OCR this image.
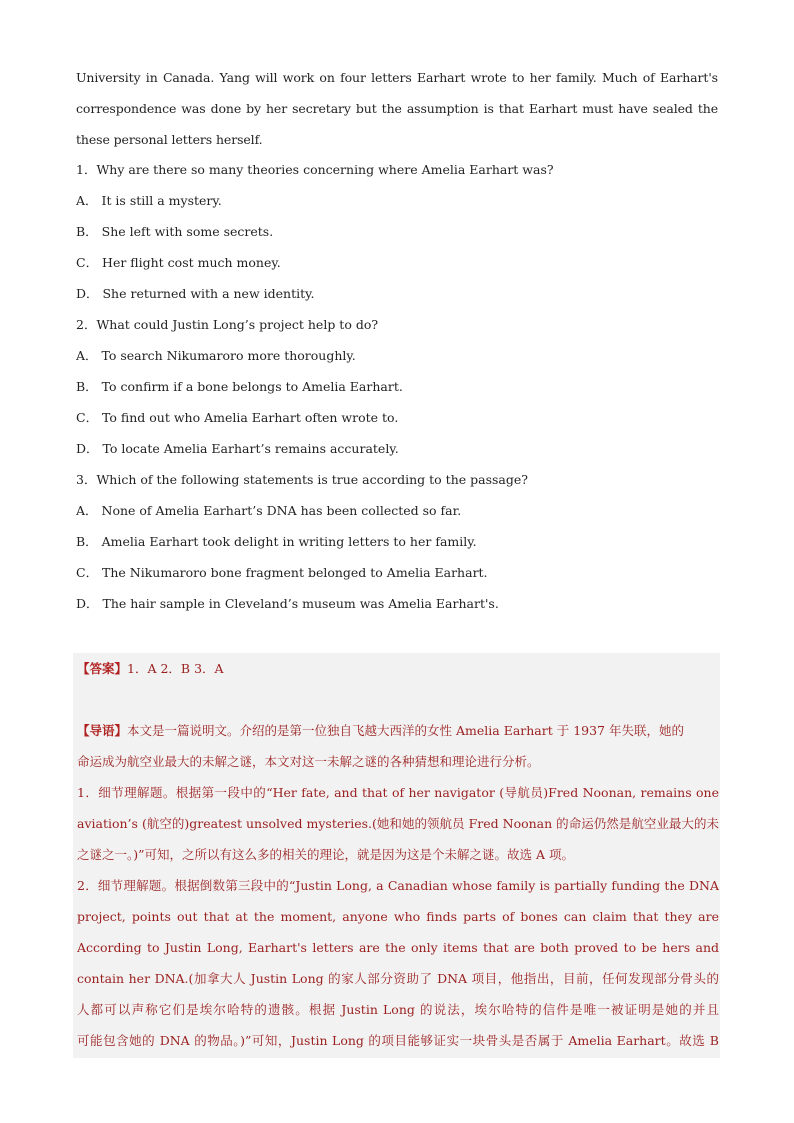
University in Canada. Yang will work on four letters Earhart wrote to her family. Much of Earhart's
correspondence was done by her secretary but the assumption is that Earhart must have sealed the
these personal letters herself.
1．Why are there so many theories concerning where Amelia Earhart was?
A． It is still a mystery.
B． She left with some secrets.
C． Her flight cost much money.
D． She returned with a new identity.
2．What could Justin Long’s project help to do?
A． To search Nikumaroro more thoroughly.
B． To confirm if a bone belongs to Amelia Earhart.
C． To find out who Amelia Earhart often wrote to.
D． To locate Amelia Earhart’s remains accurately.
3．Which of the following statements is true according to the passage?
A． None of Amelia Earhart’s DNA has been collected so far.
B． Amelia Earhart took delight in writing letters to her family.
C． The Nikumaroro bone fragment belonged to Amelia Earhart.
D． The hair sample in Cleveland’s museum was Amelia Earhart's.
【答案】1．A 2．B 3．A
【导语】本文是一篇说明文。介绍的是第一位独自飞越大西洋的女性 Amelia Earhart 于 1937 年失联，她的
命运成为航空业最大的未解之谜，本文对这一未解之谜的各种猜想和理论进行分析。
1．细节理解题。根据第一段中的“Her fate, and that of her navigator (导航员)Fred Noonan, remains one
aviation’s (航空的)greatest unsolved mysteries.(她和她的领航员 Fred Noonan 的命运仍然是航空业最大的未
之谜之一。)”可知，之所以有这么多的相关的理论，就是因为这是个未解之谜。故选 A 项。
2．细节理解题。根据倒数第三段中的“Justin Long, a Canadian whose family is partially funding the DNA
project, points out that at the moment, anyone who finds parts of bones can claim that they are
According to Justin Long, Earhart's letters are the only items that are both proved to be hers and
contain her DNA.(加拿大人 Justin Long 的家人部分资助了 DNA 项目，他指出，目前，任何发现部分骨头的
人都可以声称它们是埃尔哈特的遗骸。根据 Justin Long 的说法，埃尔哈特的信件是唯一被证明是她的并且
可能包含她的 DNA 的物品。)”可知，Justin Long 的项目能够证实一块骨头是否属于 Amelia Earhart。故选 B
